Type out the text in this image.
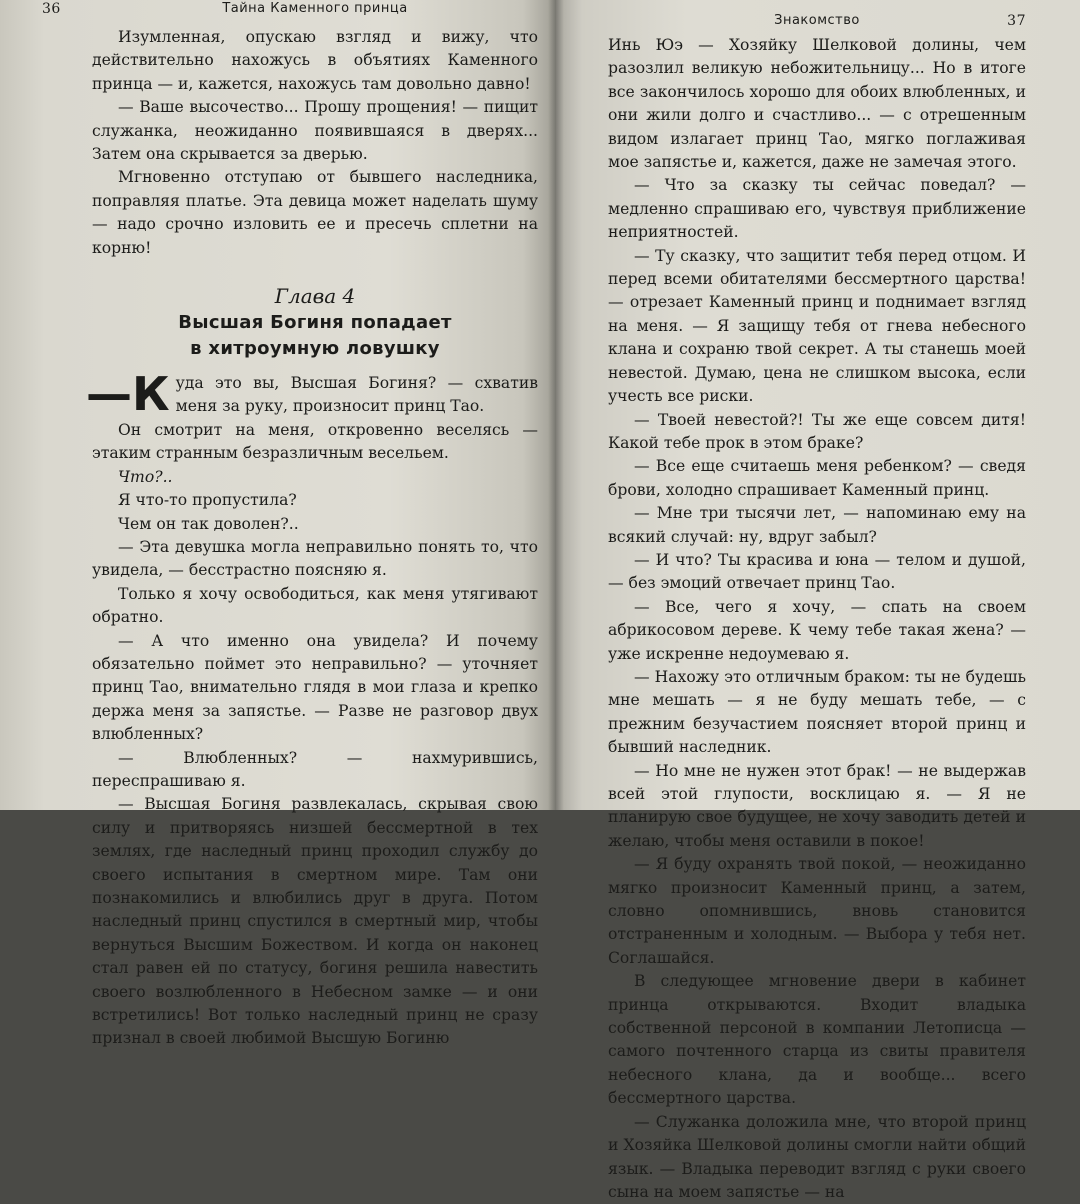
36	Тайна Каменного принца

Изумленная, опускаю взгляд и вижу, что действительно нахожусь в объятиях Каменного принца — и, кажется, нахожусь там довольно давно!

— Ваше высочество... Прошу прощения! — пищит служанка, неожиданно появившаяся в дверях... Затем она скрывается за дверью.

Мгновенно отступаю от бывшего наследника, поправляя платье. Эта девица может наделать шуму — надо срочно изловить ее и пресечь сплетни на корню!

Глава 4
Высшая Богиня попадает
в хитроумную ловушку

—К уда это вы, Высшая Богиня? — схватив меня за руку, произносит принц Тао.

Он смотрит на меня, откровенно веселясь — этаким странным безразличным весельем.

Что?..

Я что-то пропустила?

Чем он так доволен?..

— Эта девушка могла неправильно понять то, что увидела, — бесстрастно поясняю я.

Только я хочу освободиться, как меня утягивают обратно.

— А что именно она увидела? И почему обязательно поймет это неправильно? — уточняет принц Тао, внимательно глядя в мои глаза и крепко держа меня за запястье. — Разве не разговор двух влюбленных?

— Влюбленных? — нахмурившись, переспрашиваю я.

— Высшая Богиня развлекалась, скрывая свою силу и притворяясь низшей бессмертной в тех землях, где наследный принц проходил службу до своего испытания в смертном мире. Там они познакомились и влюбились друг в друга. Потом наследный принц спустился в смертный мир, чтобы вернуться Высшим Божеством. И когда он наконец стал равен ей по статусу, богиня решила навестить своего возлюбленного в Небесном замке — и они встретились! Вот только наследный принц не сразу признал в своей любимой Высшую Богиню

Знакомство	37

Инь Юэ — Хозяйку Шелковой долины, чем разозлил великую небожительницу... Но в итоге все закончилось хорошо для обоих влюбленных, и они жили долго и счастливо... — с отрешенным видом излагает принц Тао, мягко поглаживая мое запястье и, кажется, даже не замечая этого.

— Что за сказку ты сейчас поведал? — медленно спрашиваю его, чувствуя приближение неприятностей.

— Ту сказку, что защитит тебя перед отцом. И перед всеми обитателями бессмертного царства! — отрезает Каменный принц и поднимает взгляд на меня. — Я защищу тебя от гнева небесного клана и сохраню твой секрет. А ты станешь моей невестой. Думаю, цена не слишком высока, если учесть все риски.

— Твоей невестой?! Ты же еще совсем дитя! Какой тебе прок в этом браке?

— Все еще считаешь меня ребенком? — сведя брови, холодно спрашивает Каменный принц.

— Мне три тысячи лет, — напоминаю ему на всякий случай: ну, вдруг забыл?

— И что? Ты красива и юна — телом и душой, — без эмоций отвечает принц Тао.

— Все, чего я хочу, — спать на своем абрикосовом дереве. К чему тебе такая жена? — уже искренне недоумеваю я.

— Нахожу это отличным браком: ты не будешь мне мешать — я не буду мешать тебе, — с прежним безучастием поясняет второй принц и бывший наследник.

— Но мне не нужен этот брак! — не выдержав всей этой глупости, восклицаю я. — Я не планирую свое будущее, не хочу заводить детей и желаю, чтобы меня оставили в покое!

— Я буду охранять твой покой, — неожиданно мягко произносит Каменный принц, а затем, словно опомнившись, вновь становится отстраненным и холодным. — Выбора у тебя нет. Соглашайся.

В следующее мгновение двери в кабинет принца открываются. Входит владыка собственной персоной в компании Летописца — самого почтенного старца из свиты правителя небесного клана, да и вообще... всего бессмертного царства.

— Служанка доложила мне, что второй принц и Хозяйка Шелковой долины смогли найти общий язык. — Владыка переводит взгляд с руки своего сына на моем запястье — на
